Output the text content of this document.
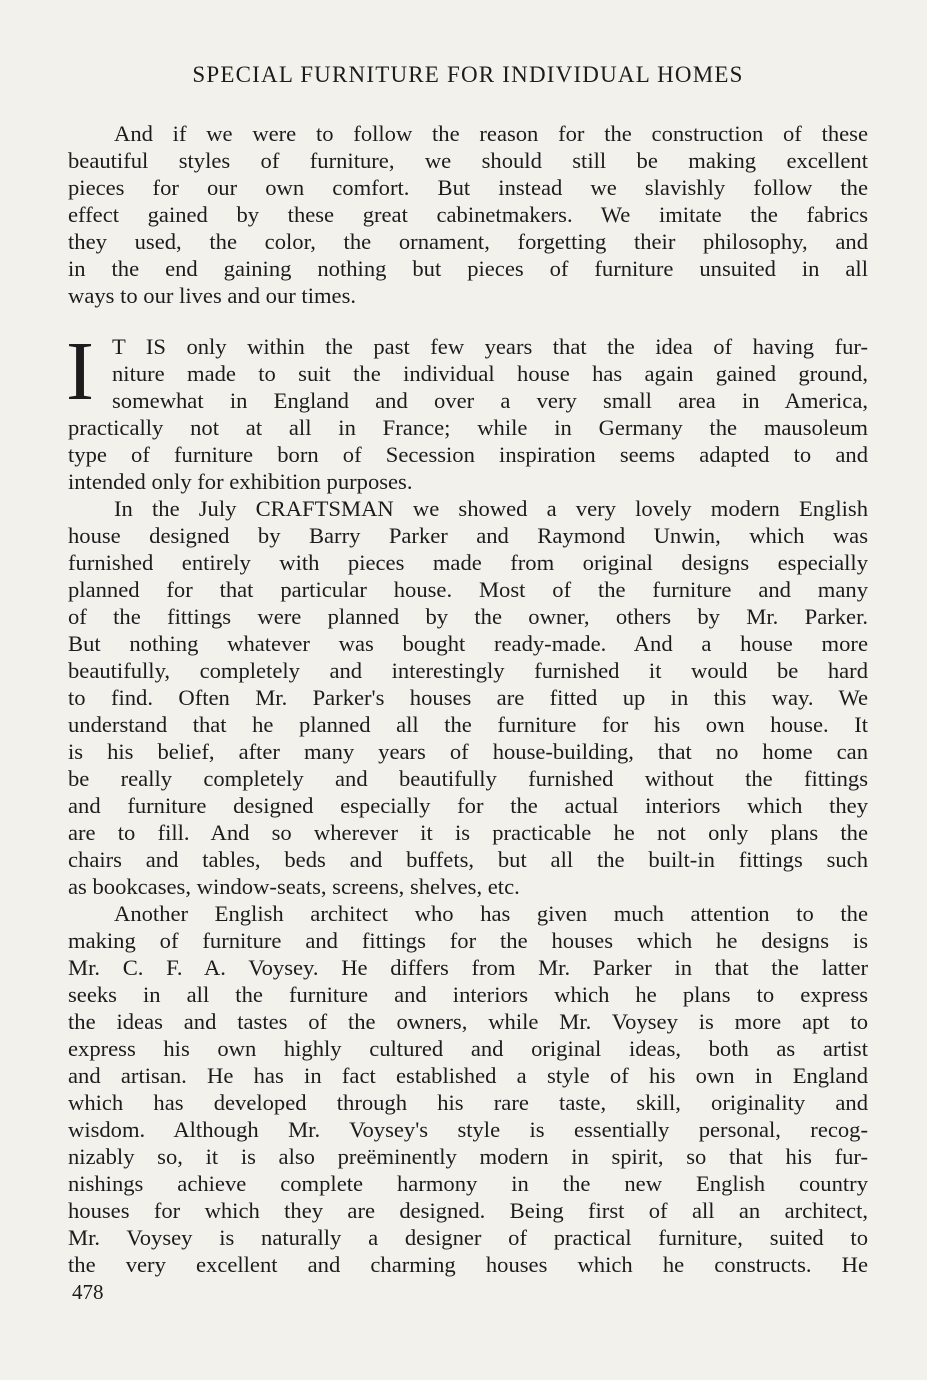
SPECIAL FURNITURE FOR INDIVIDUAL HOMES
And if we were to follow the reason for the construction of these
beautiful styles of furniture, we should still be making excellent
pieces for our own comfort. But instead we slavishly follow the
effect gained by these great cabinetmakers. We imitate the fabrics
they used, the color, the ornament, forgetting their philosophy, and
in the end gaining nothing but pieces of furniture unsuited in all
ways to our lives and our times.
I T IS only within the past few years that the idea of having fur-
niture made to suit the individual house has again gained ground,
somewhat in England and over a very small area in America,
practically not at all in France; while in Germany the mausoleum
type of furniture born of Secession inspiration seems adapted to and
intended only for exhibition purposes.
In the July CRAFTSMAN we showed a very lovely modern English
house designed by Barry Parker and Raymond Unwin, which was
furnished entirely with pieces made from original designs especially
planned for that particular house. Most of the furniture and many
of the fittings were planned by the owner, others by Mr. Parker.
But nothing whatever was bought ready-made. And a house more
beautifully, completely and interestingly furnished it would be hard
to find. Often Mr. Parker's houses are fitted up in this way. We
understand that he planned all the furniture for his own house. It
is his belief, after many years of house-building, that no home can
be really completely and beautifully furnished without the fittings
and furniture designed especially for the actual interiors which they
are to fill. And so wherever it is practicable he not only plans the
chairs and tables, beds and buffets, but all the built-in fittings such
as bookcases, window-seats, screens, shelves, etc.
Another English architect who has given much attention to the
making of furniture and fittings for the houses which he designs is
Mr. C. F. A. Voysey. He differs from Mr. Parker in that the latter
seeks in all the furniture and interiors which he plans to express
the ideas and tastes of the owners, while Mr. Voysey is more apt to
express his own highly cultured and original ideas, both as artist
and artisan. He has in fact established a style of his own in England
which has developed through his rare taste, skill, originality and
wisdom. Although Mr. Voysey's style is essentially personal, recog-
nizably so, it is also preëminently modern in spirit, so that his fur-
nishings achieve complete harmony in the new English country
houses for which they are designed. Being first of all an architect,
Mr. Voysey is naturally a designer of practical furniture, suited to
the very excellent and charming houses which he constructs. He
478
